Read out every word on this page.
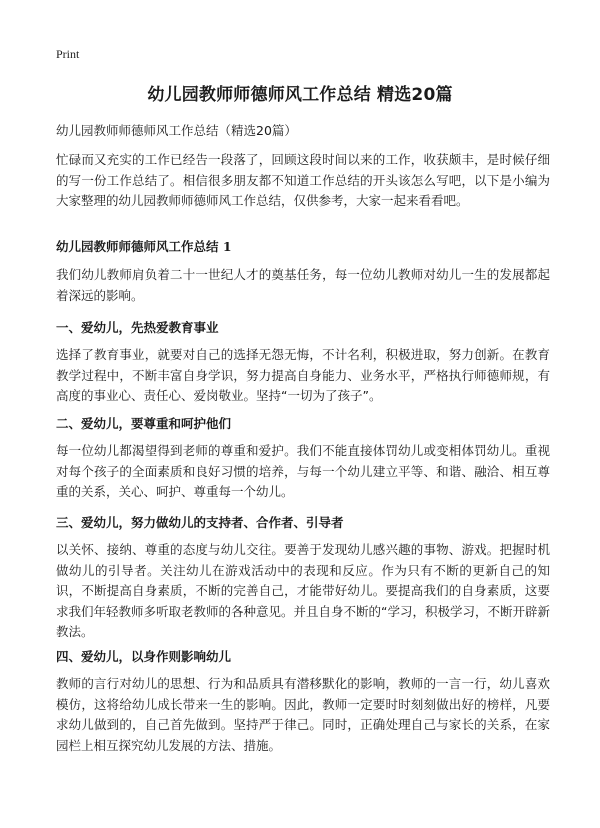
Print
幼儿园教师师德师风工作总结 精选20篇
幼儿园教师师德师风工作总结（精选20篇）

忙碌而又充实的工作已经告一段落了，回顾这段时间以来的工作，收获颇丰，是时候仔细的写一份工作总结了。相信很多朋友都不知道工作总结的开头该怎么写吧，以下是小编为大家整理的幼儿园教师师德师风工作总结，仅供参考，大家一起来看看吧。

幼儿园教师师德师风工作总结 1

我们幼儿教师肩负着二十一世纪人才的奠基任务，每一位幼儿教师对幼儿一生的发展都起着深远的影响。

一、爱幼儿，先热爱教育事业

选择了教育事业，就要对自己的选择无怨无悔，不计名利，积极进取，努力创新。在教育教学过程中，不断丰富自身学识，努力提高自身能力、业务水平，严格执行师德师规，有高度的事业心、责任心、爱岗敬业。坚持“一切为了孩子”。

二、爱幼儿，要尊重和呵护他们

每一位幼儿都渴望得到老师的尊重和爱护。我们不能直接体罚幼儿或变相体罚幼儿。重视对每个孩子的全面素质和良好习惯的培养，与每一个幼儿建立平等、和谐、融洽、相互尊重的关系，关心、呵护、尊重每一个幼儿。

三、爱幼儿，努力做幼儿的支持者、合作者、引导者

以关怀、接纳、尊重的态度与幼儿交往。要善于发现幼儿感兴趣的事物、游戏。把握时机做幼儿的引导者。关注幼儿在游戏活动中的表现和反应。作为只有不断的更新自己的知识，不断提高自身素质，不断的完善自己，才能带好幼儿。要提高我们的自身素质，这要求我们年轻教师多听取老教师的各种意见。并且自身不断的“学习，积极学习，不断开辟新教法。

四、爱幼儿，以身作则影响幼儿

教师的言行对幼儿的思想、行为和品质具有潜移默化的影响，教师的一言一行，幼儿喜欢模仿，这将给幼儿成长带来一生的影响。因此，教师一定要时时刻刻做出好的榜样，凡要求幼儿做到的，自己首先做到。坚持严于律己。同时，正确处理自己与家长的关系，在家园栏上相互探究幼儿发展的方法、措施。
